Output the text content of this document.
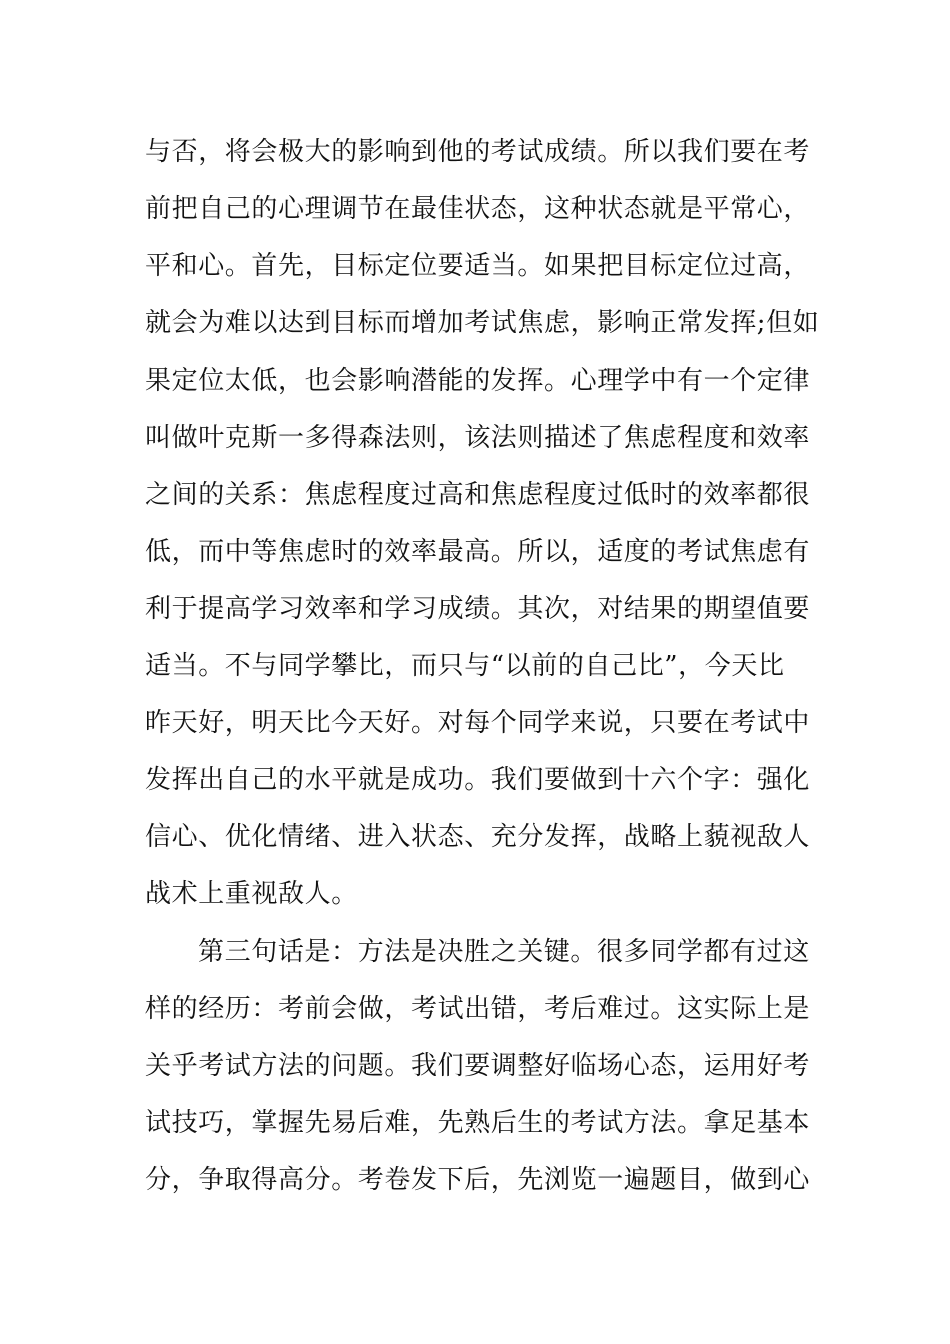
与否，将会极大的影响到他的考试成绩。所以我们要在考
前把自己的心理调节在最佳状态，这种状态就是平常心，
平和心。首先，目标定位要适当。如果把目标定位过高，
就会为难以达到目标而增加考试焦虑，影响正常发挥;但如
果定位太低，也会影响潜能的发挥。心理学中有一个定律
叫做叶克斯一多得森法则，该法则描述了焦虑程度和效率
之间的关系：焦虑程度过高和焦虑程度过低时的效率都很
低，而中等焦虑时的效率最高。所以，适度的考试焦虑有
利于提高学习效率和学习成绩。其次，对结果的期望值要
适当。不与同学攀比，而只与“以前的自己比”，今天比
昨天好，明天比今天好。对每个同学来说，只要在考试中
发挥出自己的水平就是成功。我们要做到十六个字：强化
信心、优化情绪、进入状态、充分发挥，战略上藐视敌人
战术上重视敌人。
第三句话是：方法是决胜之关键。很多同学都有过这
样的经历：考前会做，考试出错，考后难过。这实际上是
关乎考试方法的问题。我们要调整好临场心态，运用好考
试技巧，掌握先易后难，先熟后生的考试方法。拿足基本
分，争取得高分。考卷发下后，先浏览一遍题目，做到心
